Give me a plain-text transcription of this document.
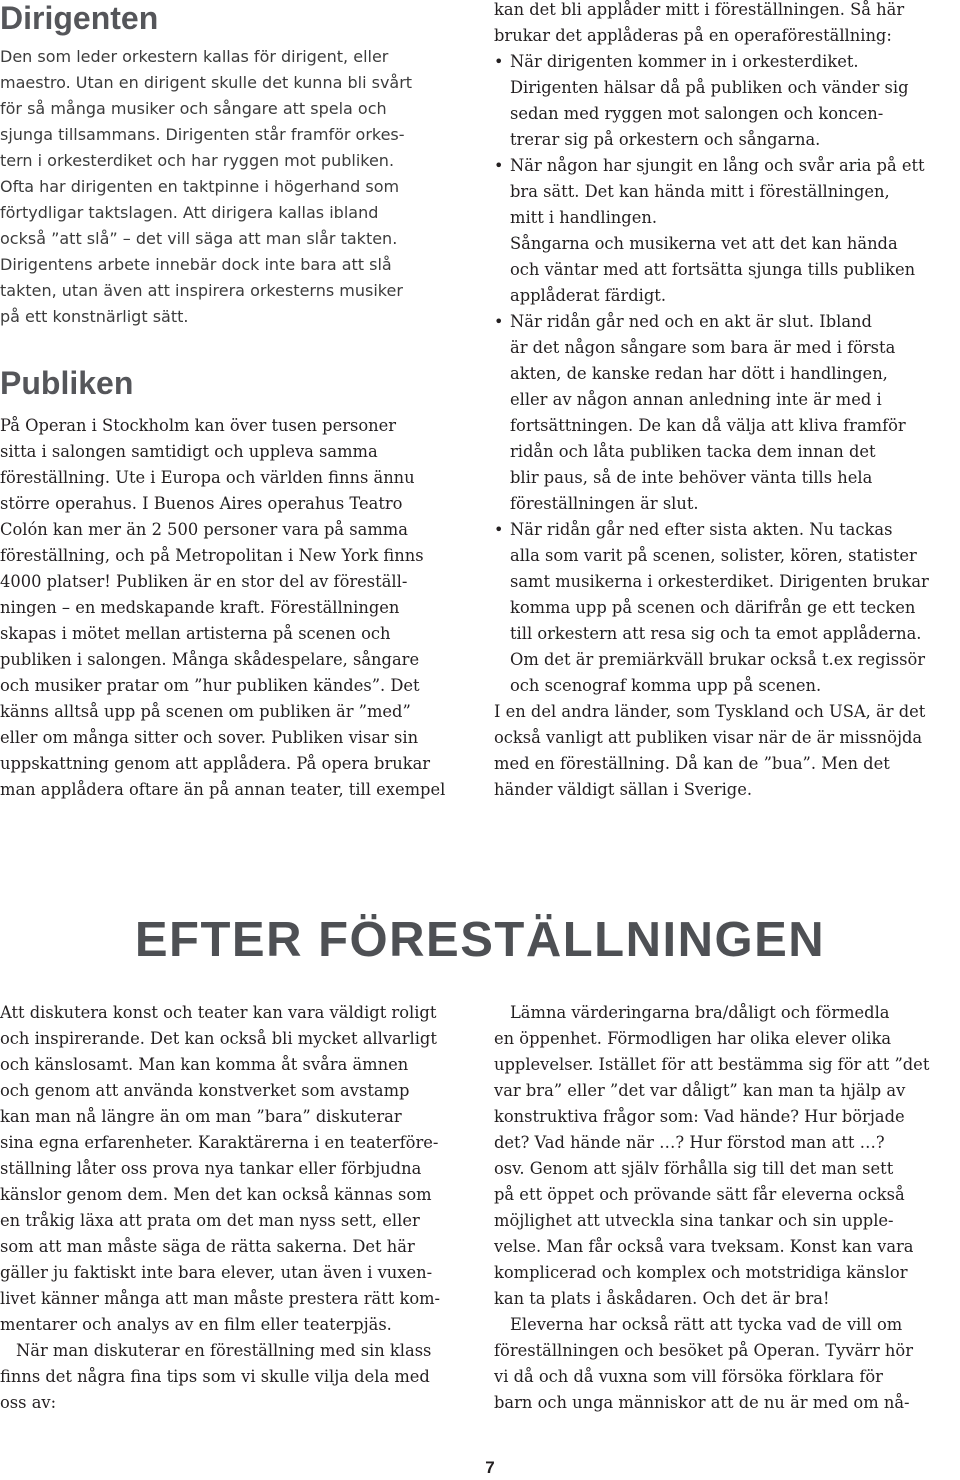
Dirigenten
Den som leder orkestern kallas för dirigent, eller
maestro. Utan en dirigent skulle det kunna bli svårt
för så många musiker och sångare att spela och
sjunga tillsammans. Dirigenten står framför orkes-
tern i orkesterdiket och har ryggen mot publiken.
Ofta har dirigenten en taktpinne i högerhand som
förtydligar taktslagen. Att dirigera kallas ibland
också ”att slå” – det vill säga att man slår takten.
Dirigentens arbete innebär dock inte bara att slå
takten, utan även att inspirera orkesterns musiker
på ett konstnärligt sätt.
Publiken
På Operan i Stockholm kan över tusen personer
sitta i salongen samtidigt och uppleva samma
föreställning. Ute i Europa och världen finns ännu
större operahus. I Buenos Aires operahus Teatro
Colón kan mer än 2 500 personer vara på samma
föreställning, och på Metropolitan i New York finns
4000 platser! Publiken är en stor del av föreställ-
ningen – en medskapande kraft. Föreställningen
skapas i mötet mellan artisterna på scenen och
publiken i salongen. Många skådespelare, sångare
och musiker pratar om ”hur publiken kändes”. Det
känns alltså upp på scenen om publiken är ”med”
eller om många sitter och sover. Publiken visar sin
uppskattning genom att applådera. På opera brukar
man applådera oftare än på annan teater, till exempel
kan det bli applåder mitt i föreställningen. Så här
brukar det applåderas på en operaföreställning:
• När dirigenten kommer in i orkesterdiket.
Dirigenten hälsar då på publiken och vänder sig
sedan med ryggen mot salongen och koncen-
trerar sig på orkestern och sångarna.
• När någon har sjungit en lång och svår aria på ett
bra sätt. Det kan hända mitt i föreställningen,
mitt i handlingen.
Sångarna och musikerna vet att det kan hända
och väntar med att fortsätta sjunga tills publiken
applåderat färdigt.
• När ridån går ned och en akt är slut. Ibland
är det någon sångare som bara är med i första
akten, de kanske redan har dött i handlingen,
eller av någon annan anledning inte är med i
fortsättningen. De kan då välja att kliva framför
ridån och låta publiken tacka dem innan det
blir paus, så de inte behöver vänta tills hela
föreställningen är slut.
• När ridån går ned efter sista akten. Nu tackas
alla som varit på scenen, solister, kören, statister
samt musikerna i orkesterdiket. Dirigenten brukar
komma upp på scenen och därifrån ge ett tecken
till orkestern att resa sig och ta emot applåderna.
Om det är premiärkväll brukar också t.ex regissör
och scenograf komma upp på scenen.
I en del andra länder, som Tyskland och USA, är det
också vanligt att publiken visar när de är missnöjda
med en föreställning. Då kan de ”bua”. Men det
händer väldigt sällan i Sverige.
EFTER FÖRESTÄLLNINGEN
Att diskutera konst och teater kan vara väldigt roligt
och inspirerande. Det kan också bli mycket allvarligt
och känslosamt. Man kan komma åt svåra ämnen
och genom att använda konstverket som avstamp
kan man nå längre än om man ”bara” diskuterar
sina egna erfarenheter. Karaktärerna i en teaterföre-
ställning låter oss prova nya tankar eller förbjudna
känslor genom dem. Men det kan också kännas som
en tråkig läxa att prata om det man nyss sett, eller
som att man måste säga de rätta sakerna. Det här
gäller ju faktiskt inte bara elever, utan även i vuxen-
livet känner många att man måste prestera rätt kom-
mentarer och analys av en film eller teaterpjäs.
När man diskuterar en föreställning med sin klass
finns det några fina tips som vi skulle vilja dela med
oss av:
Lämna värderingarna bra/dåligt och förmedla
en öppenhet. Förmodligen har olika elever olika
upplevelser. Istället för att bestämma sig för att ”det
var bra” eller ”det var dåligt” kan man ta hjälp av
konstruktiva frågor som: Vad hände? Hur började
det? Vad hände när …? Hur förstod man att …?
osv. Genom att själv förhålla sig till det man sett
på ett öppet och prövande sätt får eleverna också
möjlighet att utveckla sina tankar och sin upple-
velse. Man får också vara tveksam. Konst kan vara
komplicerad och komplex och motstridiga känslor
kan ta plats i åskådaren. Och det är bra!
Eleverna har också rätt att tycka vad de vill om
föreställningen och besöket på Operan. Tyvärr hör
vi då och då vuxna som vill försöka förklara för
barn och unga människor att de nu är med om nå-
7
